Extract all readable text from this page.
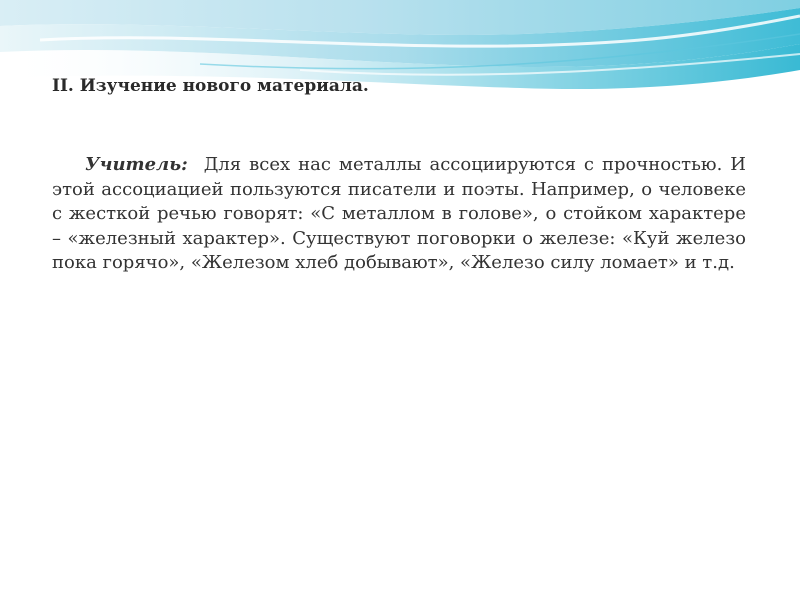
II. Изучение нового материала.

Учитель:  Для всех нас металлы ассоциируются с прочностью. И этой ассоциацией пользуются писатели и поэты. Например, о человеке с жесткой речью говорят: «С металлом в голове», о стойком характере – «железный характер». Существуют поговорки о железе: «Куй железо пока горячо», «Железом хлеб добывают», «Железо силу ломает» и т.д.
